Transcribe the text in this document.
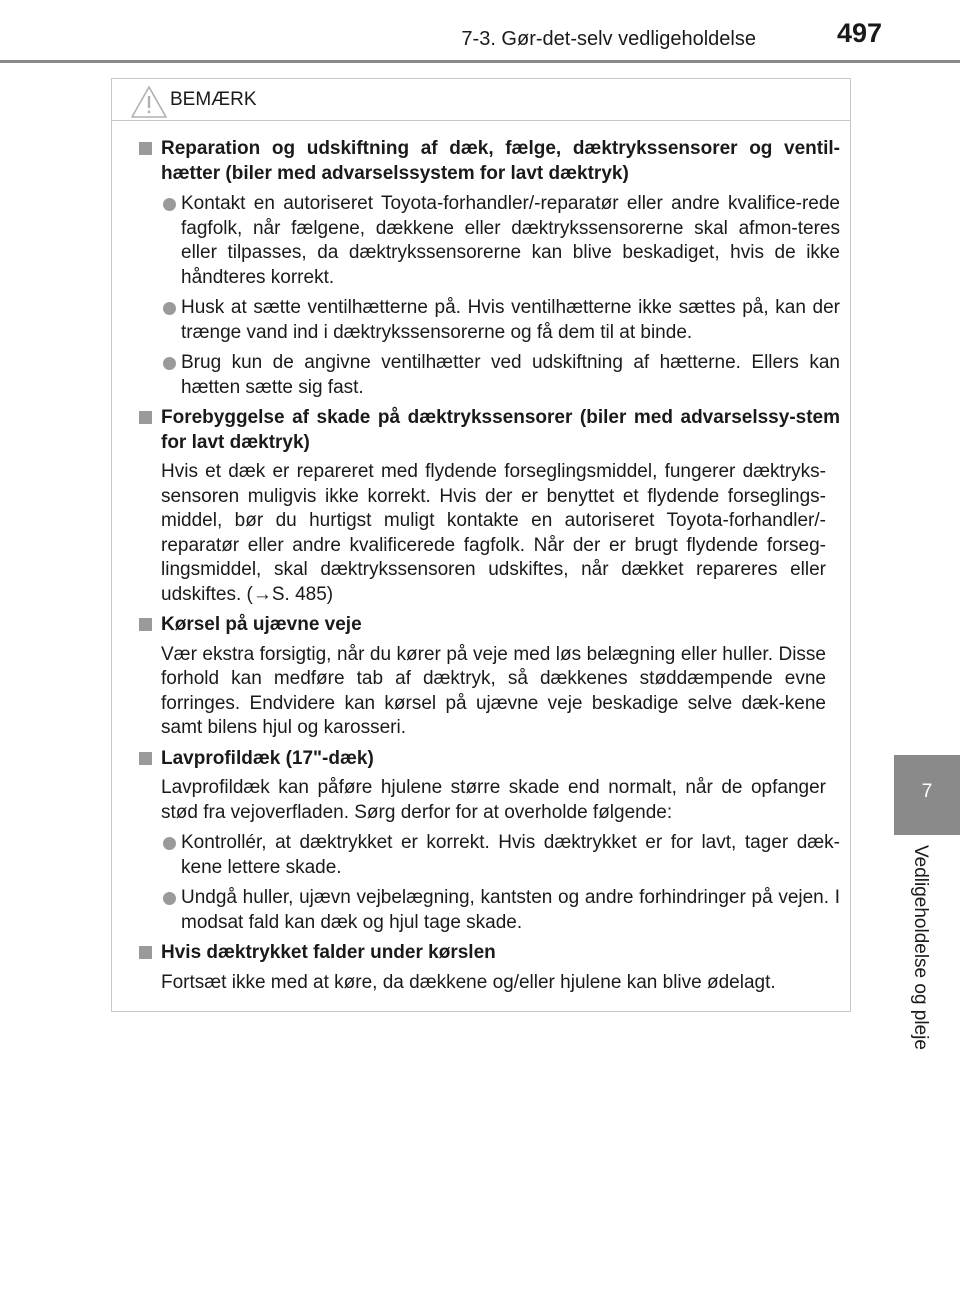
7-3. Gør-det-selv vedligeholdelse	497
7
Vedligeholdelse og pleje
BEMÆRK
Reparation og udskiftning af dæk, fælge, dæktrykssensorer og ventil-hætter (biler med advarselssystem for lavt dæktryk)
Kontakt en autoriseret Toyota-forhandler/-reparatør eller andre kvalifice-rede fagfolk, når fælgene, dækkene eller dæktrykssensorerne skal afmon-teres eller tilpasses, da dæktrykssensorerne kan blive beskadiget, hvis de ikke håndteres korrekt.
Husk at sætte ventilhætterne på. Hvis ventilhætterne ikke sættes på, kan der trænge vand ind i dæktrykssensorerne og få dem til at binde.
Brug kun de angivne ventilhætter ved udskiftning af hætterne. Ellers kan hætten sætte sig fast.
Forebyggelse af skade på dæktrykssensorer (biler med advarselssy-stem for lavt dæktryk)
Hvis et dæk er repareret med flydende forseglingsmiddel, fungerer dæktryks-sensoren muligvis ikke korrekt. Hvis der er benyttet et flydende forseglings-middel, bør du hurtigst muligt kontakte en autoriseret Toyota-forhandler/-reparatør eller andre kvalificerede fagfolk. Når der er brugt flydende forseg-lingsmiddel, skal dæktrykssensoren udskiftes, når dækket repareres eller udskiftes. (→S. 485)
Kørsel på ujævne veje
Vær ekstra forsigtig, når du kører på veje med løs belægning eller huller. Disse forhold kan medføre tab af dæktryk, så dækkenes støddæmpende evne forringes. Endvidere kan kørsel på ujævne veje beskadige selve dæk-kene samt bilens hjul og karosseri.
Lavprofildæk (17"-dæk)
Lavprofildæk kan påføre hjulene større skade end normalt, når de opfanger stød fra vejoverfladen. Sørg derfor for at overholde følgende:
Kontrollér, at dæktrykket er korrekt. Hvis dæktrykket er for lavt, tager dæk-kene lettere skade.
Undgå huller, ujævn vejbelægning, kantsten og andre forhindringer på vejen. I modsat fald kan dæk og hjul tage skade.
Hvis dæktrykket falder under kørslen
Fortsæt ikke med at køre, da dækkene og/eller hjulene kan blive ødelagt.
